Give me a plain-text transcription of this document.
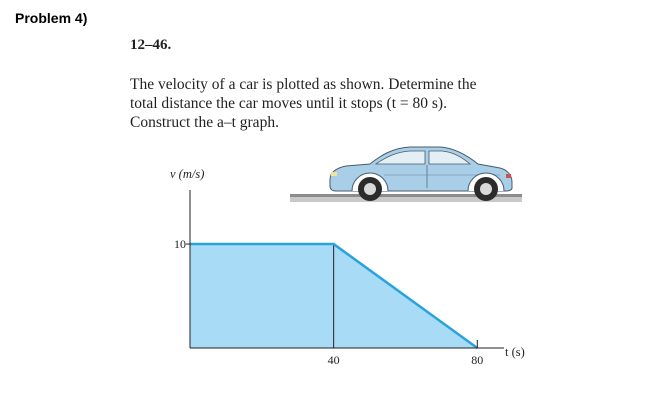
Problem 4)
12–46.

The velocity of a car is plotted as shown. Determine the

total distance the car moves until it stops (t = 80 s).

Construct the a–t graph.

v (m/s)
t (s)
10
40	80
